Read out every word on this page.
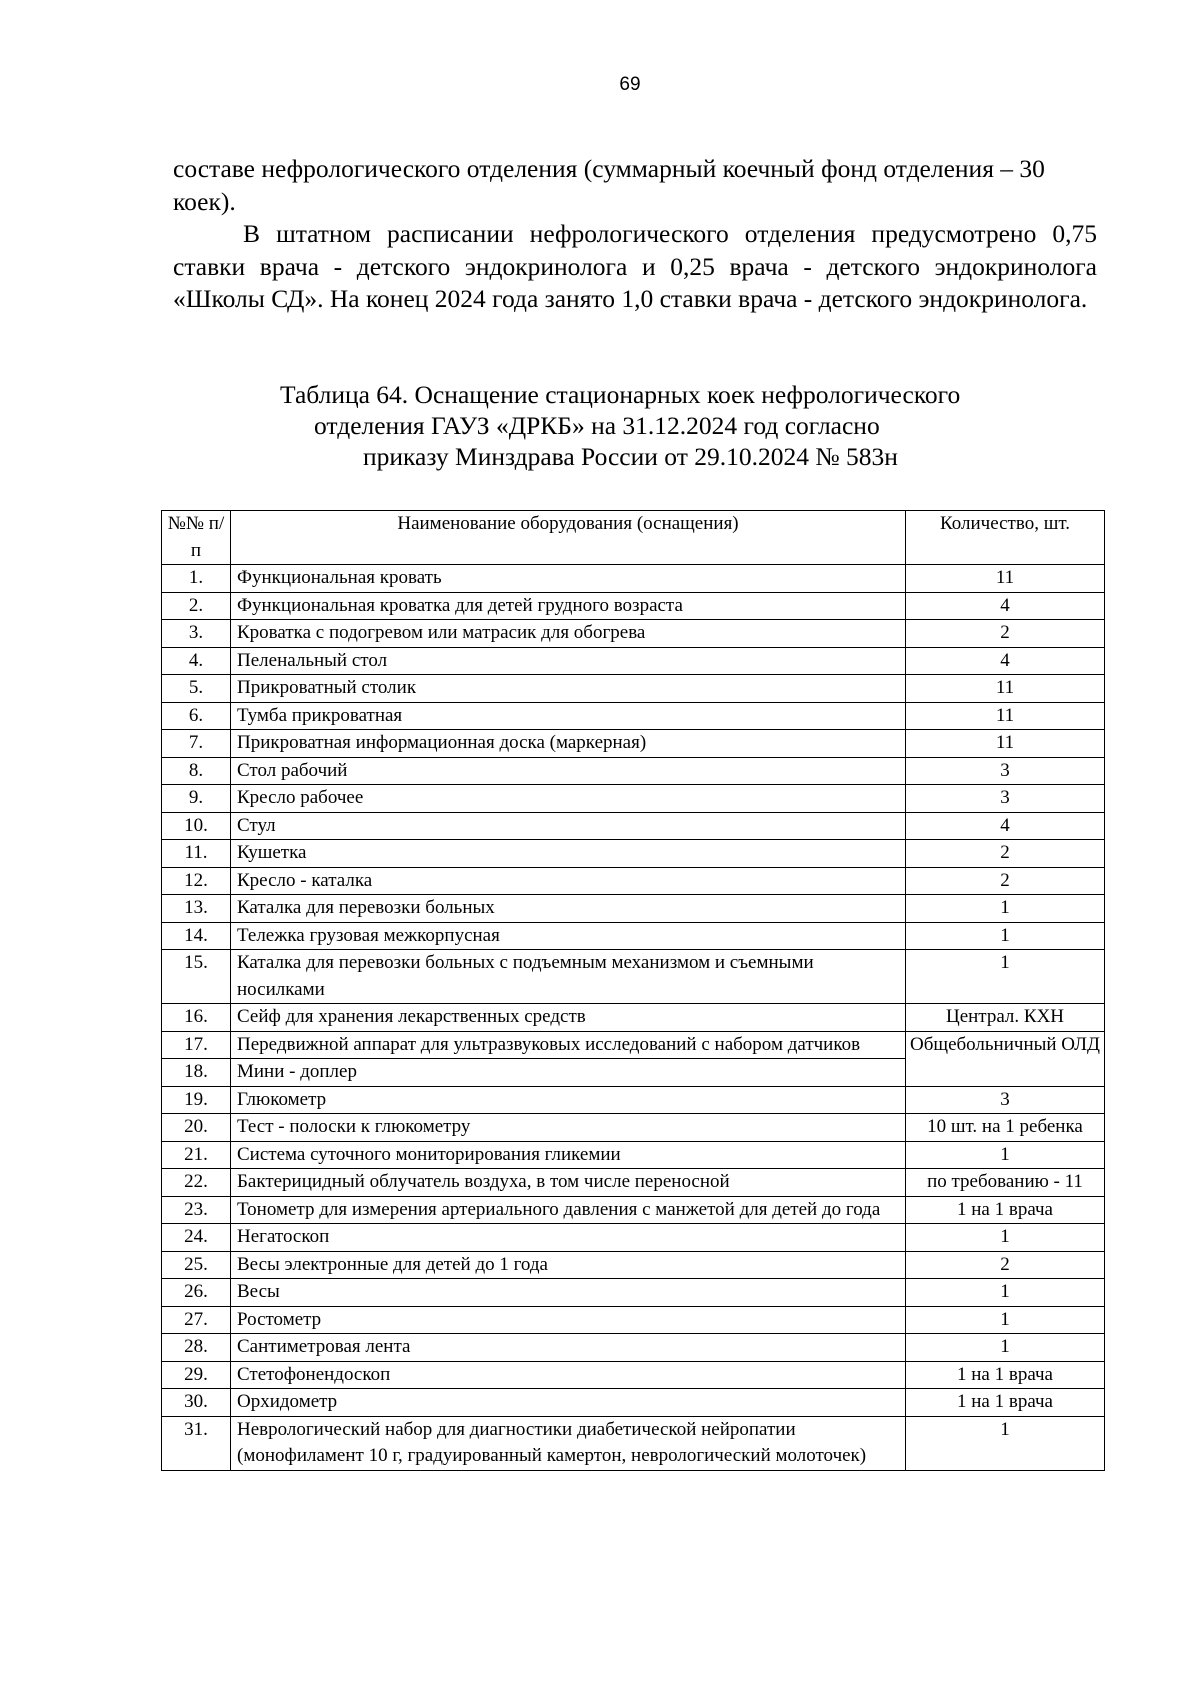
69
составе нефрологического отделения (суммарный коечный фонд отделения – 30 коек).
В штатном расписании нефрологического отделения предусмотрено 0,75 ставки врача - детского эндокринолога и 0,25 врача - детского эндокринолога «Школы СД». На конец 2024 года занято 1,0 ставки врача - детского эндокринолога.
Таблица 64. Оснащение стационарных коек нефрологического
отделения ГАУЗ «ДРКБ» на 31.12.2024 год согласно
приказу Минздрава России от 29.10.2024 № 583н
№№ п/п	Наименование оборудования (оснащения)	Количество, шт.
1.	Функциональная кровать	11
2.	Функциональная кроватка для детей грудного возраста	4
3.	Кроватка с подогревом или матрасик для обогрева	2
4.	Пеленальный стол	4
5.	Прикроватный столик	11
6.	Тумба прикроватная	11
7.	Прикроватная информационная доска (маркерная)	11
8.	Стол рабочий	3
9.	Кресло рабочее	3
10.	Стул	4
11.	Кушетка	2
12.	Кресло - каталка	2
13.	Каталка для перевозки больных	1
14.	Тележка грузовая межкорпусная	1
15.	Каталка для перевозки больных с подъемным механизмом и съемными носилками	1
16.	Сейф для хранения лекарственных средств	Централ. КХН
17.	Передвижной аппарат для ультразвуковых исследований с набором датчиков	Общебольничный ОЛД
18.	Мини - доплер	
19.	Глюкометр	3
20.	Тест - полоски к глюкометру	10 шт. на 1 ребенка
21.	Система суточного мониторирования гликемии	1
22.	Бактерицидный облучатель воздуха, в том числе переносной	по требованию - 11
23.	Тонометр для измерения артериального давления с манжетой для детей до года	1 на 1 врача
24.	Негатоскоп	1
25.	Весы электронные для детей до 1 года	2
26.	Весы	1
27.	Ростометр	1
28.	Сантиметровая лента	1
29.	Стетофонендоскоп	1 на 1 врача
30.	Орхидометр	1 на 1 врача
31.	Неврологический набор для диагностики диабетической нейропатии (монофиламент 10 г, градуированный камертон, неврологический молоточек)	1
